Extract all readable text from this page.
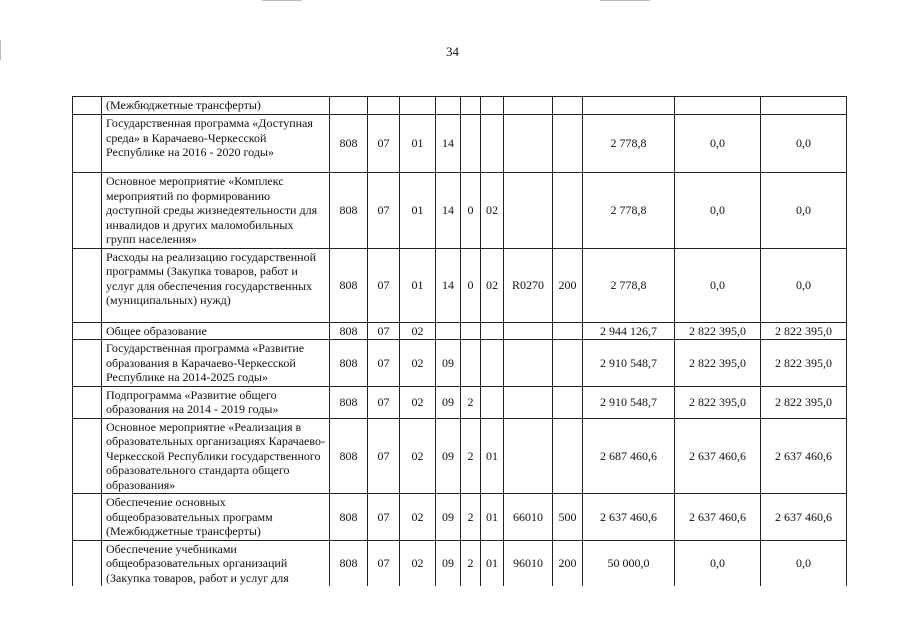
34
	(Межбюджетные трансферты)											
	Государственная программа «Доступная среда» в Карачаево-Черкесской Республике на 2016 - 2020 годы»	808	07	01	14					2 778,8	0,0	0,0
	Основное мероприятие «Комплекс мероприятий по формированию доступной среды жизнедеятельности для инвалидов и других маломобильных групп населения»	808	07	01	14	0	02			2 778,8	0,0	0,0
	Расходы на реализацию государственной программы (Закупка товаров, работ и услуг для обеспечения государственных (муниципальных) нужд)	808	07	01	14	0	02	R0270	200	2 778,8	0,0	0,0
	Общее образование	808	07	02						2 944 126,7	2 822 395,0	2 822 395,0
	Государственная программа «Развитие образования в Карачаево-Черкесской Республике на 2014-2025 годы»	808	07	02	09					2 910 548,7	2 822 395,0	2 822 395,0
	Подпрограмма «Развитие общего образования на 2014 - 2019 годы»	808	07	02	09	2				2 910 548,7	2 822 395,0	2 822 395,0
	Основное мероприятие «Реализация в образовательных организациях Карачаево-Черкесской Республики государственного образовательного стандарта общего образования»	808	07	02	09	2	01			2 687 460,6	2 637 460,6	2 637 460,6
	Обеспечение основных общеобразовательных программ (Межбюджетные трансферты)	808	07	02	09	2	01	66010	500	2 637 460,6	2 637 460,6	2 637 460,6
	Обеспечение учебниками общеобразовательных организаций (Закупка товаров, работ и услуг для	808	07	02	09	2	01	96010	200	50 000,0	0,0	0,0
